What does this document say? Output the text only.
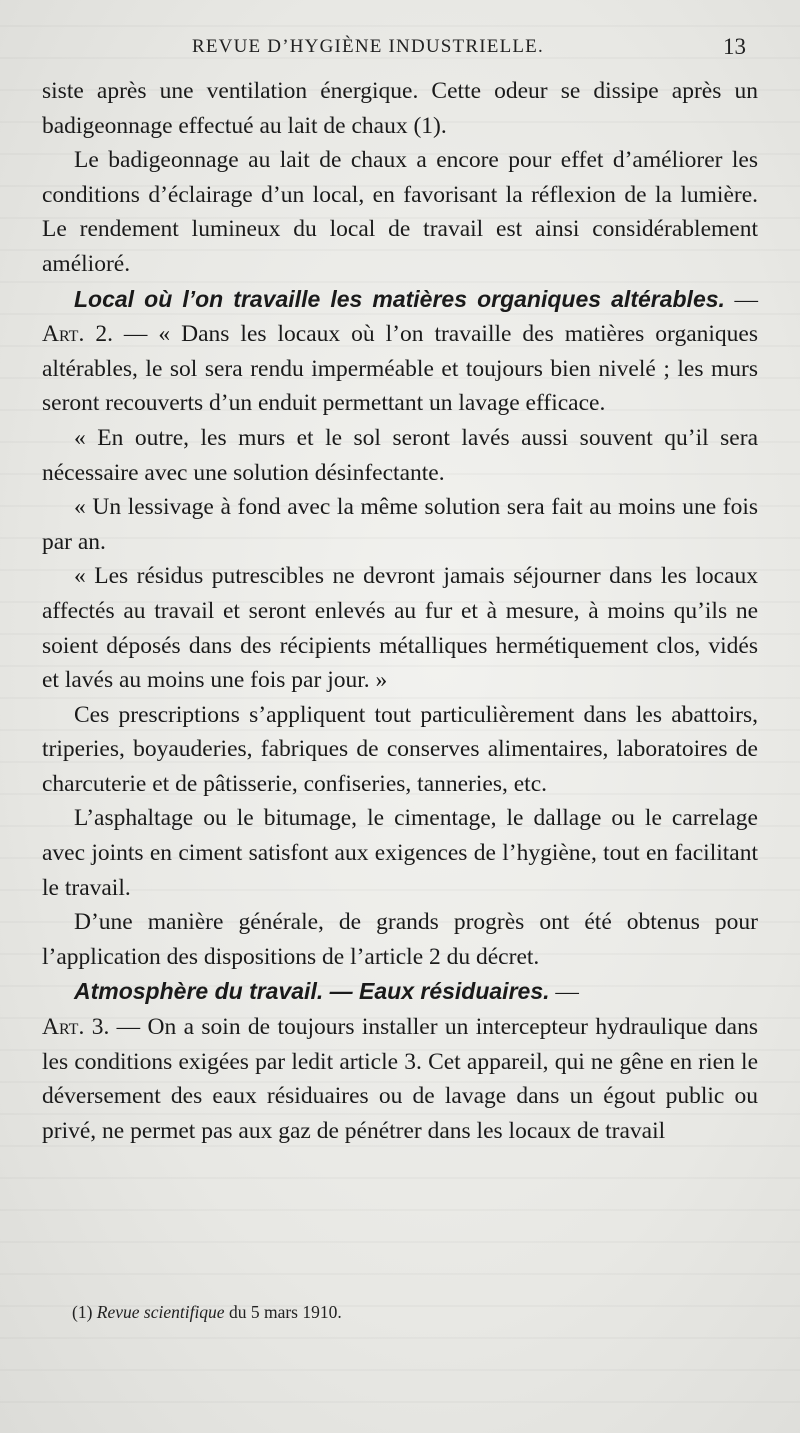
REVUE D’HYGIÈNE INDUSTRIELLE.	13

siste après une ventilation énergique. Cette odeur se dissipe après un badigeonnage effectué au lait de chaux (1).

Le badigeonnage au lait de chaux a encore pour effet d’améliorer les conditions d’éclairage d’un local, en favorisant la réflexion de la lumière. Le rendement lumineux du local de travail est ainsi considérablement amélioré.

Local où l’on travaille les matières organiques altérables. — Art. 2. — « Dans les locaux où l’on travaille des matières organiques altérables, le sol sera rendu imperméable et toujours bien nivelé ; les murs seront recouverts d’un enduit permettant un lavage efficace.

« En outre, les murs et le sol seront lavés aussi souvent qu’il sera nécessaire avec une solution désinfectante.

« Un lessivage à fond avec la même solution sera fait au moins une fois par an.

« Les résidus putrescibles ne devront jamais séjourner dans les locaux affectés au travail et seront enlevés au fur et à mesure, à moins qu’ils ne soient déposés dans des récipients métalliques hermétiquement clos, vidés et lavés au moins une fois par jour. »

Ces prescriptions s’appliquent tout particulièrement dans les abattoirs, triperies, boyauderies, fabriques de conserves alimentaires, laboratoires de charcuterie et de pâtisserie, confiseries, tanneries, etc.

L’asphaltage ou le bitumage, le cimentage, le dallage ou le carrelage avec joints en ciment satisfont aux exigences de l’hygiène, tout en facilitant le travail.

D’une manière générale, de grands progrès ont été obtenus pour l’application des dispositions de l’article 2 du décret.

Atmosphère du travail. — Eaux résiduaires. —
Art. 3. — On a soin de toujours installer un intercepteur hydraulique dans les conditions exigées par ledit article 3. Cet appareil, qui ne gêne en rien le déversement des eaux résiduaires ou de lavage dans un égout public ou privé, ne permet pas aux gaz de pénétrer dans les locaux de travail

(1) Revue scientifique du 5 mars 1910.
